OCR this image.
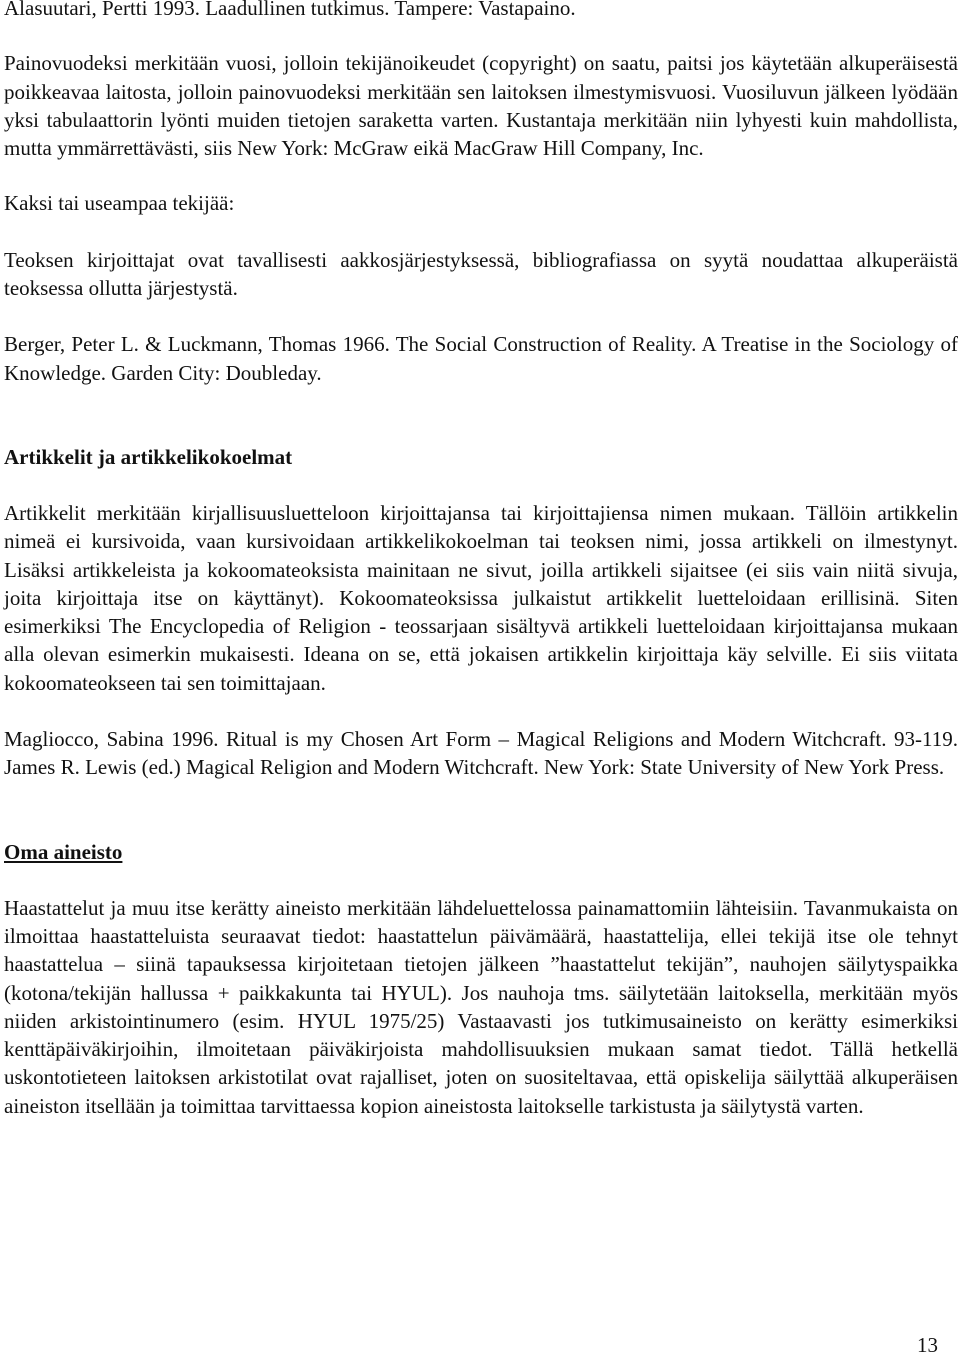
Alasuutari, Pertti 1993. Laadullinen tutkimus. Tampere: Vastapaino.

Painovuodeksi merkitään vuosi, jolloin tekijänoikeudet (copyright) on saatu, paitsi jos käytetään alkuperäisestä poikkeavaa laitosta, jolloin painovuodeksi merkitään sen laitoksen ilmestymisvuosi. Vuosiluvun jälkeen lyödään yksi tabulaattorin lyönti muiden tietojen saraketta varten. Kustantaja merkitään niin lyhyesti kuin mahdollista, mutta ymmärrettävästi, siis New York: McGraw eikä MacGraw Hill Company, Inc.

Kaksi tai useampaa tekijää:

Teoksen kirjoittajat ovat tavallisesti aakkosjärjestyksessä, bibliografiassa on syytä noudattaa alkuperäistä teoksessa ollutta järjestystä.

Berger, Peter L. & Luckmann, Thomas 1966. The Social Construction of Reality. A Treatise in the Sociology of Knowledge. Garden City: Doubleday.

Artikkelit ja artikkelikokoelmat

Artikkelit merkitään kirjallisuusluetteloon kirjoittajansa tai kirjoittajiensa nimen mukaan. Tällöin artikkelin nimeä ei kursivoida, vaan kursivoidaan artikkelikokoelman tai teoksen nimi, jossa artikkeli on ilmestynyt. Lisäksi artikkeleista ja kokoomateoksista mainitaan ne sivut, joilla artikkeli sijaitsee (ei siis vain niitä sivuja, joita kirjoittaja itse on käyttänyt). Kokoomateoksissa julkaistut artikkelit luetteloidaan erillisinä. Siten esimerkiksi The Encyclopedia of Religion - teossarjaan sisältyvä artikkeli luetteloidaan kirjoittajansa mukaan alla olevan esimerkin mukaisesti. Ideana on se, että jokaisen artikkelin kirjoittaja käy selville. Ei siis viitata kokoomateokseen tai sen toimittajaan.

Magliocco, Sabina 1996. Ritual is my Chosen Art Form – Magical Religions and Modern Witchcraft. 93-119. James R. Lewis (ed.) Magical Religion and Modern Witchcraft. New York: State University of New York Press.

Oma aineisto

Haastattelut ja muu itse kerätty aineisto merkitään lähdeluettelossa painamattomiin lähteisiin. Tavanmukaista on ilmoittaa haastatteluista seuraavat tiedot: haastattelun päivämäärä, haastattelija, ellei tekijä itse ole tehnyt haastattelua – siinä tapauksessa kirjoitetaan tietojen jälkeen ”haastattelut tekijän”, nauhojen säilytyspaikka (kotona/tekijän hallussa + paikkakunta tai HYUL). Jos nauhoja tms. säilytetään laitoksella, merkitään myös niiden arkistointinumero (esim. HYUL 1975/25) Vastaavasti jos tutkimusaineisto on kerätty esimerkiksi kenttäpäiväkirjoihin, ilmoitetaan päiväkirjoista mahdollisuuksien mukaan samat tiedot. Tällä hetkellä uskontotieteen laitoksen arkistotilat ovat rajalliset, joten on suositeltavaa, että opiskelija säilyttää alkuperäisen aineiston itsellään ja toimittaa tarvittaessa kopion aineistosta laitokselle tarkistusta ja säilytystä varten.

13
